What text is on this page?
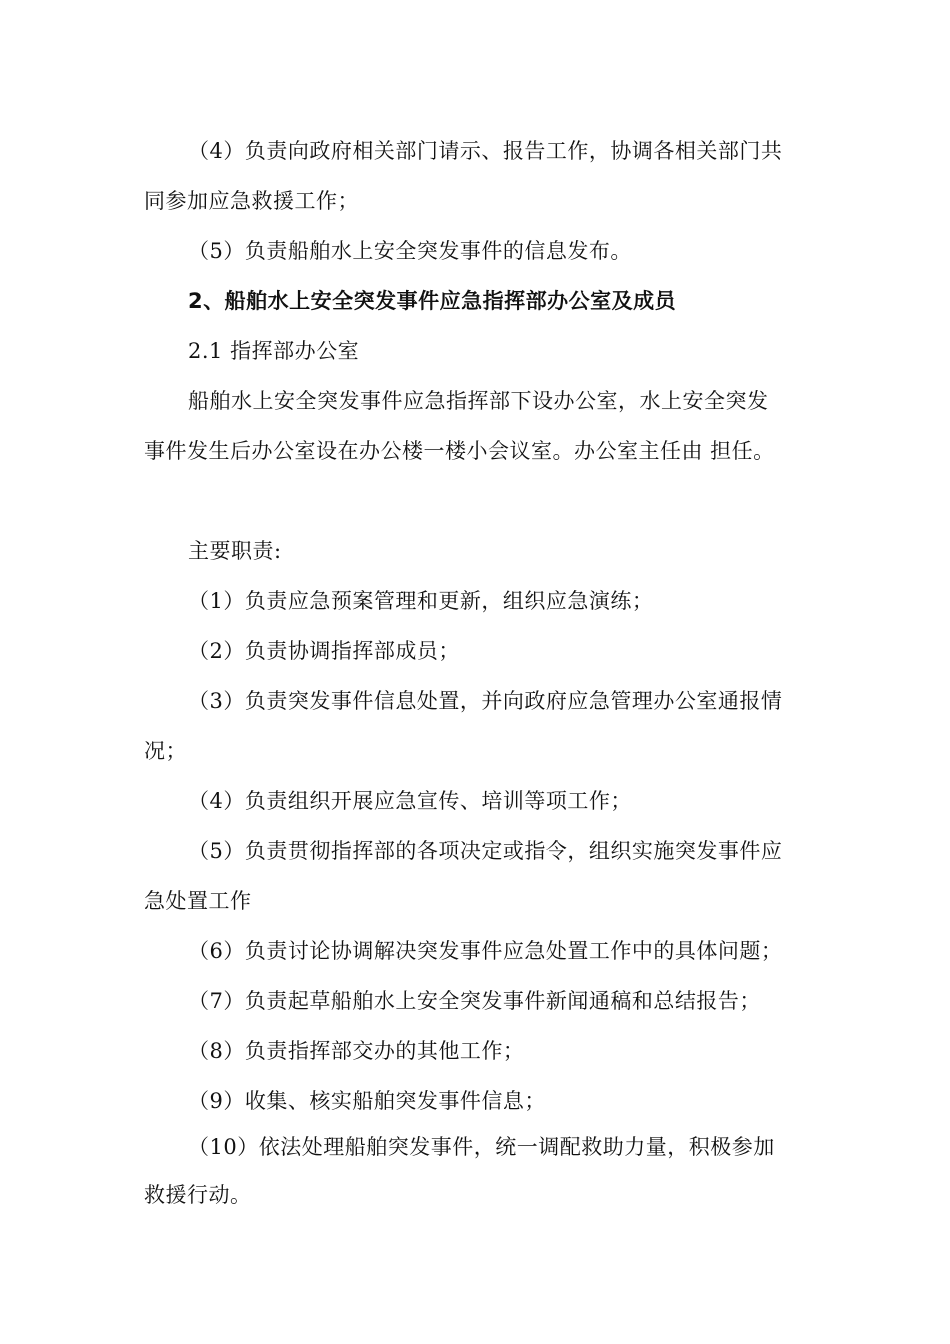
（4）负责向政府相关部门请示、报告工作，协调各相关部门共
同参加应急救援工作；
（5）负责船舶水上安全突发事件的信息发布。
2、船舶水上安全突发事件应急指挥部办公室及成员
2.1 指挥部办公室
船舶水上安全突发事件应急指挥部下设办公室，水上安全突发
事件发生后办公室设在办公楼一楼小会议室。办公室主任由 担任。
主要职责:
（1）负责应急预案管理和更新，组织应急演练；
（2）负责协调指挥部成员；
（3）负责突发事件信息处置，并向政府应急管理办公室通报情
况；
（4）负责组织开展应急宣传、培训等项工作；
（5）负责贯彻指挥部的各项决定或指令，组织实施突发事件应
急处置工作
（6）负责讨论协调解决突发事件应急处置工作中的具体问题；
（7）负责起草船舶水上安全突发事件新闻通稿和总结报告；
（8）负责指挥部交办的其他工作；
（9）收集、核实船舶突发事件信息；
（10）依法处理船舶突发事件，统一调配救助力量，积极参加
救援行动。
